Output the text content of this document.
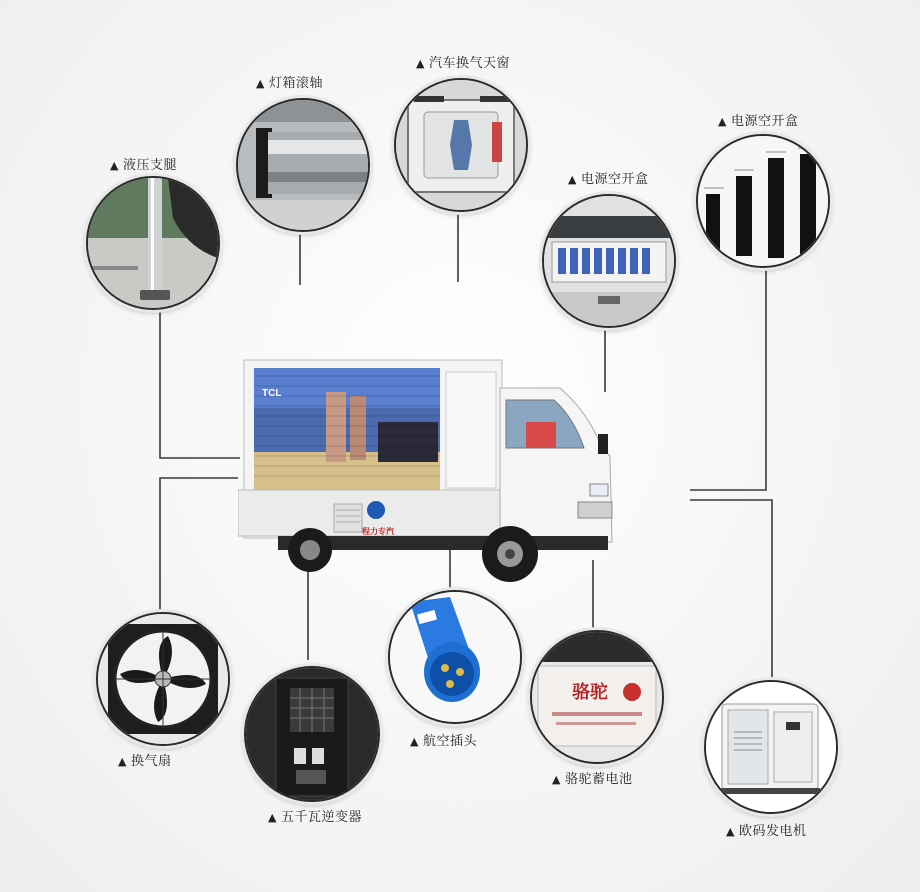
▲ 液压支腿
▲ 灯箱滚轴
▲ 汽车换气天窗
▲ 电源空开盒
▲ 电源空开盒
▲ 换气扇
▲ 五千瓦逆变器
▲ 航空插头
▲ 骆驼蓄电池
▲ 欧码发电机
骆驼
TCL
程力专汽
